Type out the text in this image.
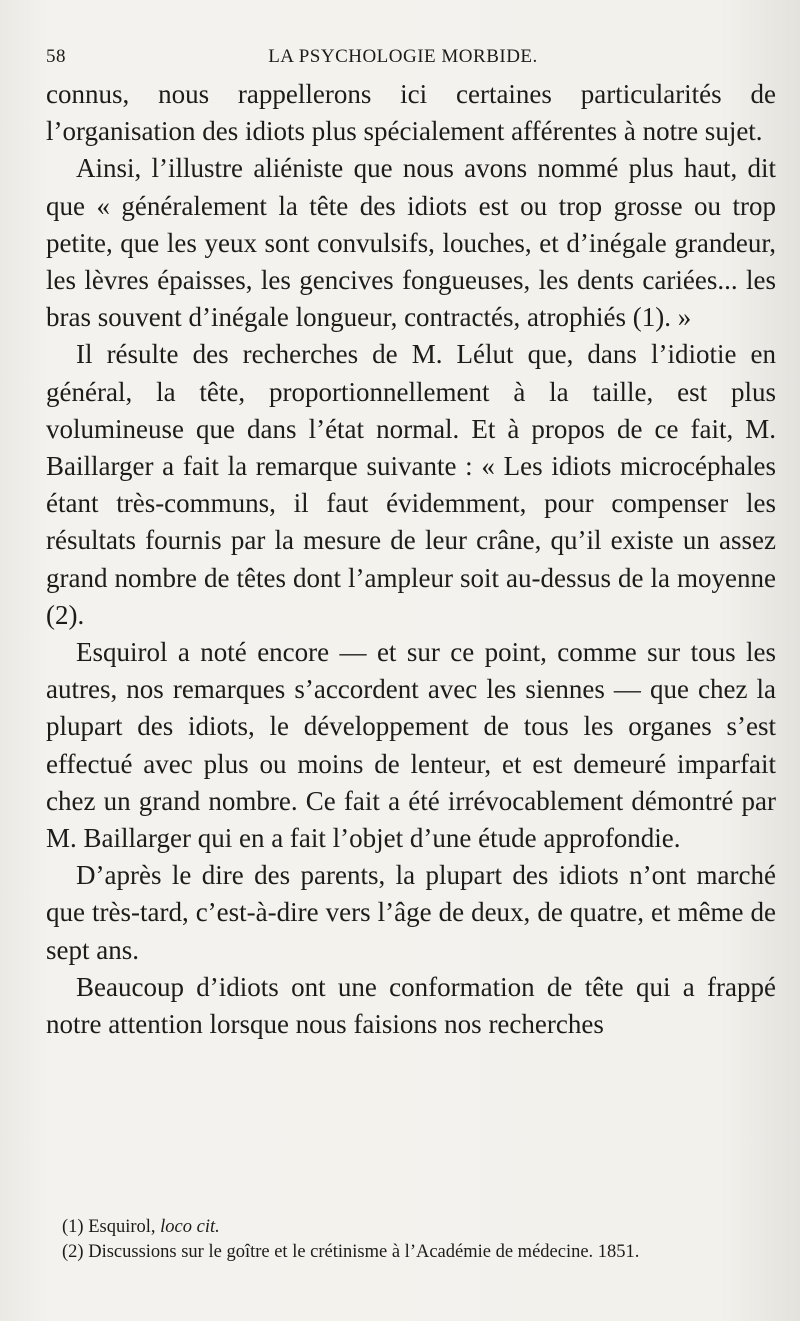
58	LA PSYCHOLOGIE MORBIDE.

connus, nous rappellerons ici certaines particularités de l’organisation des idiots plus spécialement afférentes à notre sujet.

Ainsi, l’illustre aliéniste que nous avons nommé plus haut, dit que « généralement la tête des idiots est ou trop grosse ou trop petite, que les yeux sont convulsifs, louches, et d’inégale grandeur, les lèvres épaisses, les gencives fongueuses, les dents cariées... les bras souvent d’inégale longueur, contractés, atrophiés (1). »

Il résulte des recherches de M. Lélut que, dans l’idiotie en général, la tête, proportionnellement à la taille, est plus volumineuse que dans l’état normal. Et à propos de ce fait, M. Baillarger a fait la remarque suivante : « Les idiots microcéphales étant très-communs, il faut évidemment, pour compenser les résultats fournis par la mesure de leur crâne, qu’il existe un assez grand nombre de têtes dont l’ampleur soit au-dessus de la moyenne (2).

Esquirol a noté encore — et sur ce point, comme sur tous les autres, nos remarques s’accordent avec les siennes — que chez la plupart des idiots, le développement de tous les organes s’est effectué avec plus ou moins de lenteur, et est demeuré imparfait chez un grand nombre. Ce fait a été irrévocablement démontré par M. Baillarger qui en a fait l’objet d’une étude approfondie.

D’après le dire des parents, la plupart des idiots n’ont marché que très-tard, c’est-à-dire vers l’âge de deux, de quatre, et même de sept ans.

Beaucoup d’idiots ont une conformation de tête qui a frappé notre attention lorsque nous faisions nos recherches

(1) Esquirol, loco cit.

(2) Discussions sur le goître et le crétinisme à l’Académie de médecine. 1851.
